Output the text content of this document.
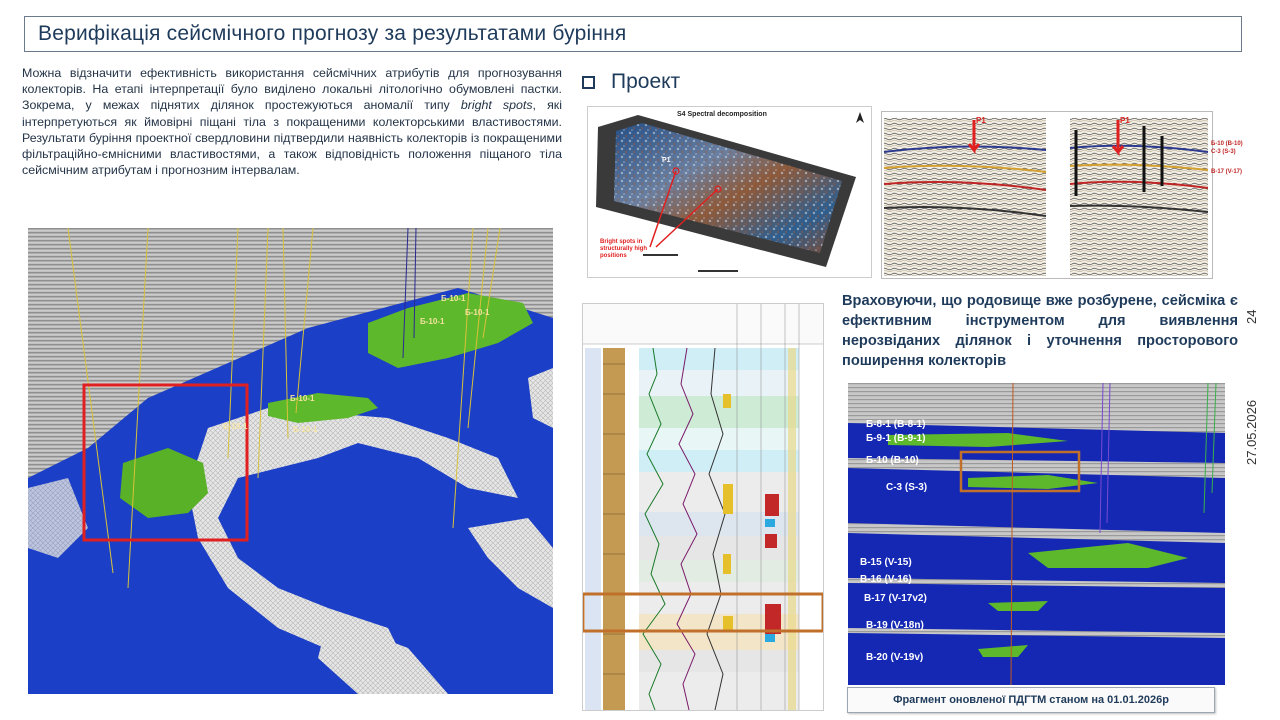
Верифікація сейсмічного прогнозу за результатами буріння
Можна відзначити ефективність використання сейсмічних атрибутів для прогнозування колекторів. На етапі інтерпретації було виділено локальні літологічно обумовлені пастки. Зокрема, у межах піднятих ділянок простежуються аномалії типу bright spots, які інтерпретуються як ймовірні піщані тіла з покращеними колекторськими властивостями. Результати буріння проектної свердловини підтвердили наявність колекторів із покращеними фільтраційно-ємнісними властивостями, а також відповідність положення піщаного тіла сейсмічним атрибутам і прогнозним інтервалам.
Проект
Враховуючи, що родовище вже розбурене, сейсміка є ефективним інструментом для виявлення нерозвіданих ділянок і уточнення просторового поширення колекторів
24
27.05.2026
Б-10-1
Б-10-1
Б-10-1
Б-10-1
Б-10-1	Б-10-1
S4 Spectral decomposition
P1
Bright spots in
structurally high
positions
P1	P1
Б-10 (В-10)
С-3 (S-3)
В-17 (V-17)
Б-8-1 (В-8-1)
Б-9-1 (В-9-1)
Б-10 (В-10)
С-3 (S-3)
В-15 (V-15)
В-16 (V-16)
В-17 (V-17v2)
В-19 (V-18n)
В-20 (V-19v)
Фрагмент оновленої ПДГТМ станом на 01.01.2026р
